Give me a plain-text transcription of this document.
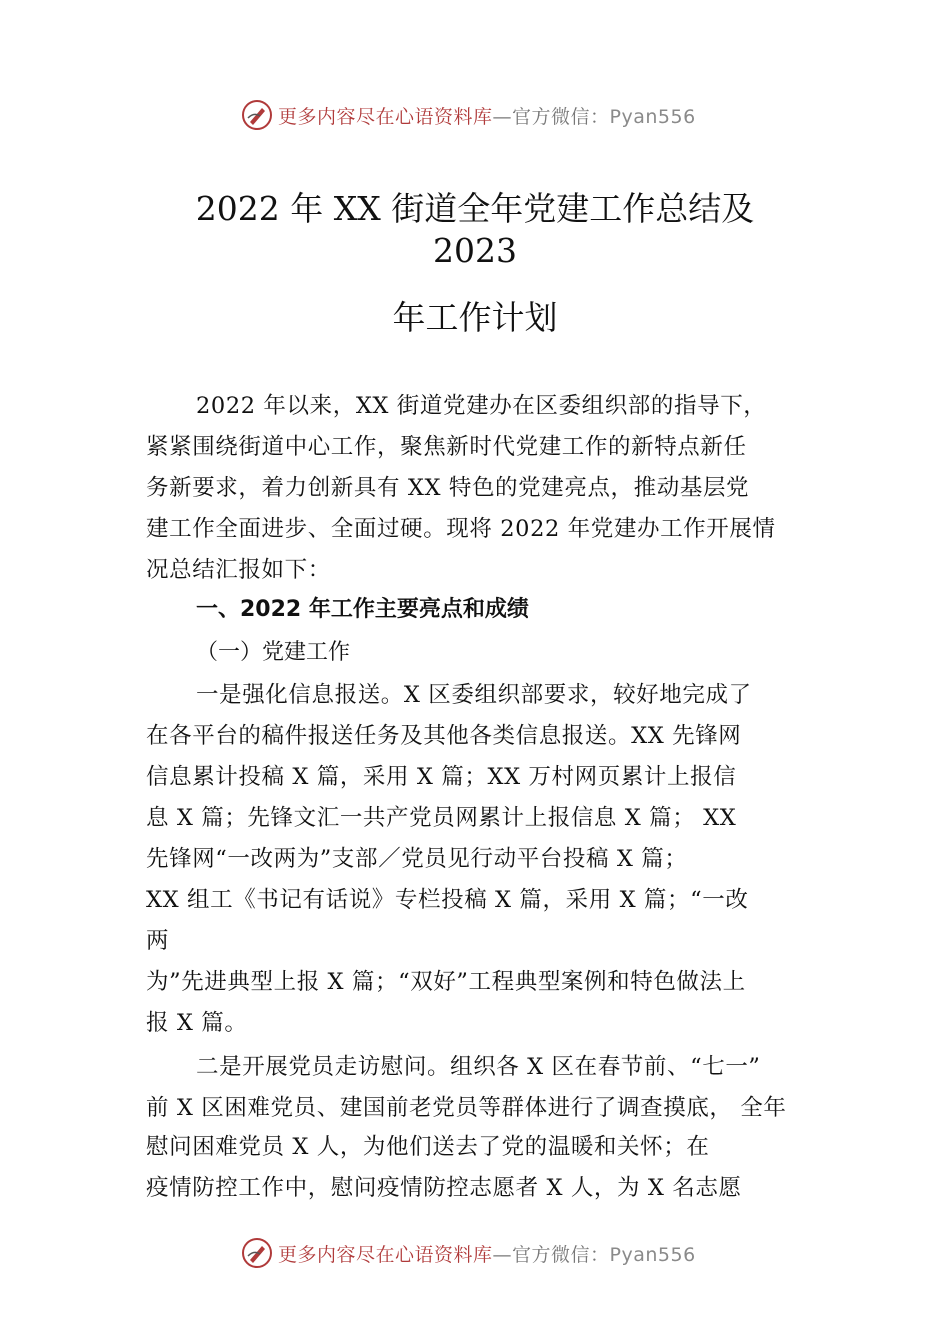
更多内容尽在心语资料库—官方微信：Pyan556
2022 年 XX 街道全年党建工作总结及
2023
年工作计划
2022 年以来，XX 街道党建办在区委组织部的指导下，
紧紧围绕街道中心工作，聚焦新时代党建工作的新特点新任
务新要求，着力创新具有 XX 特色的党建亮点，推动基层党
建工作全面进步、全面过硬。现将 2022 年党建办工作开展情
况总结汇报如下：
一、2022 年工作主要亮点和成绩
（一）党建工作
一是强化信息报送。X 区委组织部要求，较好地完成了
在各平台的稿件报送任务及其他各类信息报送。XX 先锋网
信息累计投稿 X 篇，采用 X 篇；XX 万村网页累计上报信
息 X 篇；先锋文汇一共产党员网累计上报信息 X 篇； XX
先锋网“一改两为”支部／党员见行动平台投稿 X 篇；
XX 组工《书记有话说》专栏投稿 X 篇，采用 X 篇；“一改
两
为”先进典型上报 X 篇；“双好”工程典型案例和特色做法上
报 X 篇。
二是开展党员走访慰问。组织各 X 区在春节前、“七一”
前 X 区困难党员、建国前老党员等群体进行了调查摸底， 全年
慰问困难党员 X 人，为他们送去了党的温暖和关怀；在
疫情防控工作中，慰问疫情防控志愿者 X 人，为 X 名志愿
更多内容尽在心语资料库—官方微信：Pyan556
